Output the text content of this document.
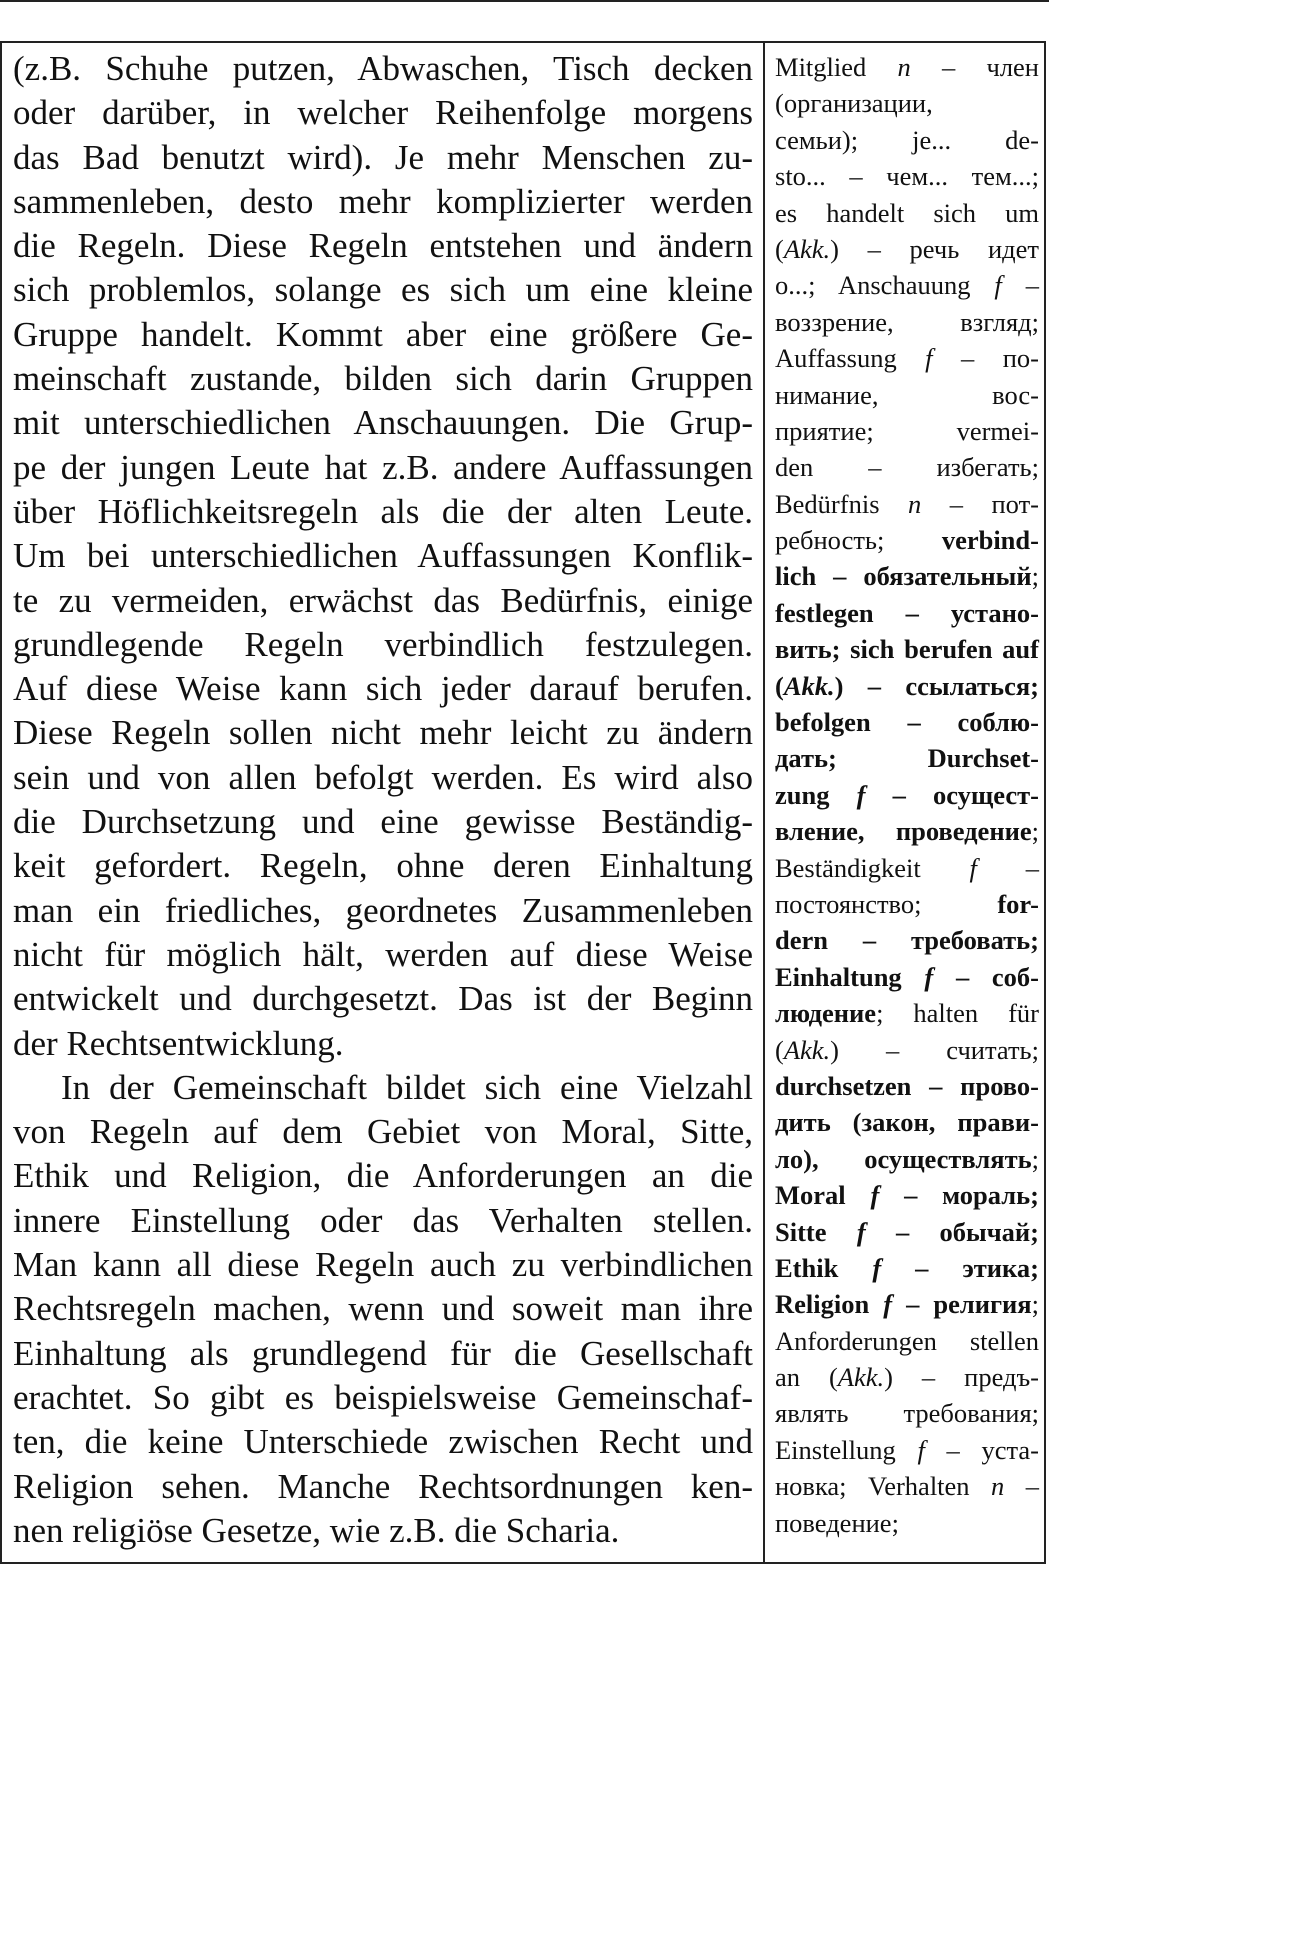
(z.B. Schuhe putzen, Abwaschen, Tisch decken
oder darüber, in welcher Reihenfolge morgens
das Bad benutzt wird). Je mehr Menschen zu-
sammenleben, desto mehr komplizierter werden
die Regeln. Diese Regeln entstehen und ändern
sich problemlos, solange es sich um eine kleine
Gruppe handelt. Kommt aber eine größere Ge-
meinschaft zustande, bilden sich darin Gruppen
mit unterschiedlichen Anschauungen. Die Grup-
pe der jungen Leute hat z.B. andere Auffassungen
über Höflichkeitsregeln als die der alten Leute.
Um bei unterschiedlichen Auffassungen Konflik-
te zu vermeiden, erwächst das Bedürfnis, einige
grundlegende Regeln verbindlich festzulegen.
Auf diese Weise kann sich jeder darauf berufen.
Diese Regeln sollen nicht mehr leicht zu ändern
sein und von allen befolgt werden. Es wird also
die Durchsetzung und eine gewisse Beständig-
keit gefordert. Regeln, ohne deren Einhaltung
man ein friedliches, geordnetes Zusammenleben
nicht für möglich hält, werden auf diese Weise
entwickelt und durchgesetzt. Das ist der Beginn
der Rechtsentwicklung.
In der Gemeinschaft bildet sich eine Vielzahl
von Regeln auf dem Gebiet von Moral, Sitte,
Ethik und Religion, die Anforderungen an die
innere Einstellung oder das Verhalten stellen.
Man kann all diese Regeln auch zu verbindlichen
Rechtsregeln machen, wenn und soweit man ihre
Einhaltung als grundlegend für die Gesellschaft
erachtet. So gibt es beispielsweise Gemeinschaf-
ten, die keine Unterschiede zwischen Recht und
Religion sehen. Manche Rechtsordnungen ken-
nen religiöse Gesetze, wie z.B. die Scharia.
Mitglied n – член
(организации,
семьи); je... de-
sto... – чем... тем...;
es handelt sich um
(Akk.) – речь идет
o...; Anschauung f –
воззрение, взгляд;
Auffassung f – по-
нимание, вос-
приятие; vermei-
den – избегать;
Bedürfnis n – пот-
ребность; verbind-
lich – обязательный;
festlegen – устано-
вить; sich berufen auf
(Akk.) – ссылаться;
befolgen – соблю-
дать; Durchset-
zung f – осущест-
вление, проведение;
Beständigkeit f –
постоянство; for-
dern – требовать;
Einhaltung f – соб-
людение; halten für
(Akk.) – считать;
durchsetzen – прово-
дить (закон, прави-
ло), осуществлять;
Moral f – мораль;
Sitte f – обычай;
Ethik f – этика;
Religion f – религия;
Anforderungen stellen
an (Akk.) – предъ-
являть требования;
Einstellung f – уста-
новка; Verhalten n –
поведение;
